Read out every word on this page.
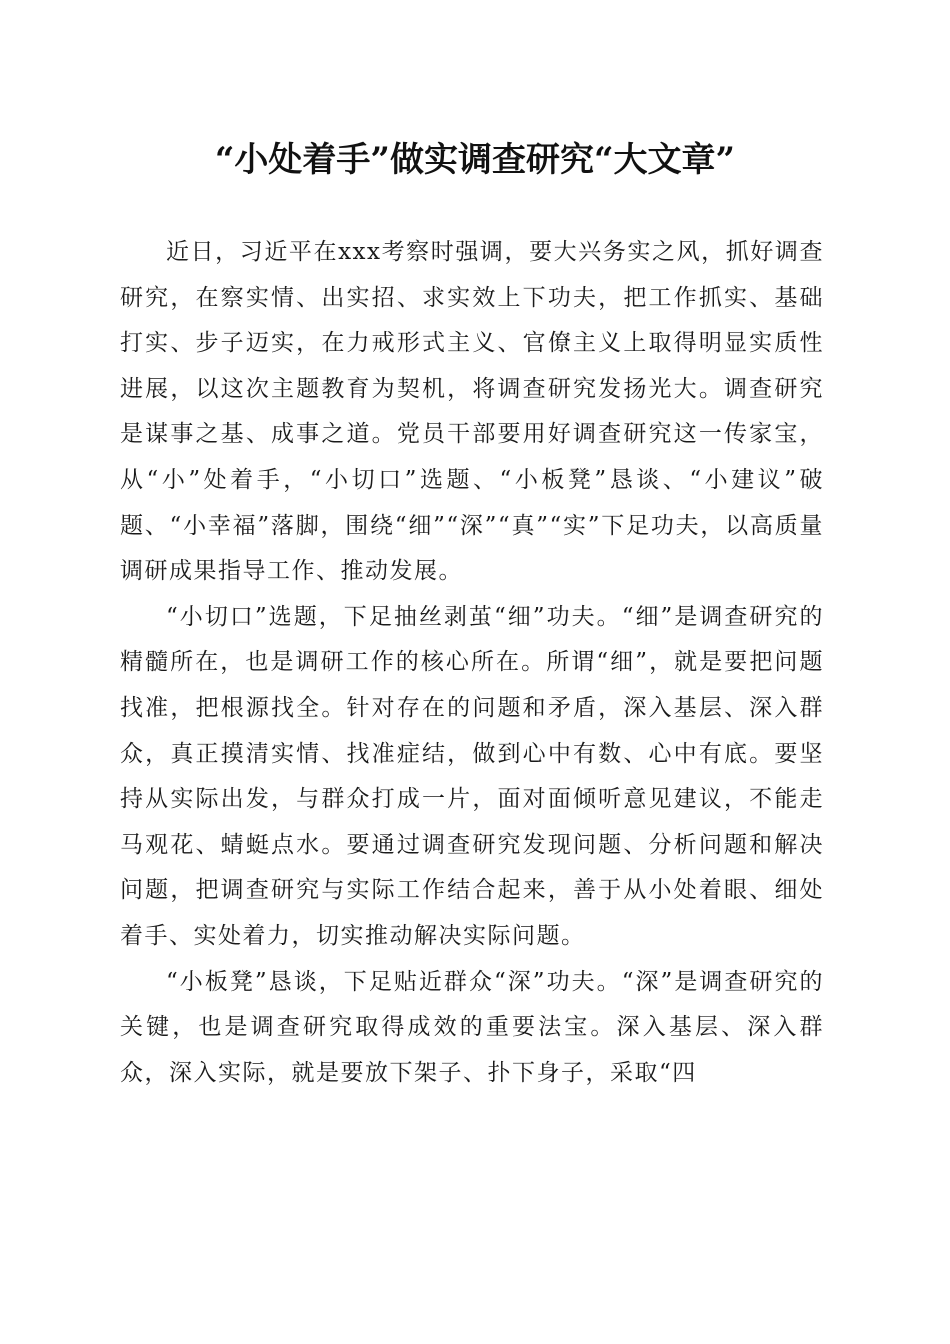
“小处着手”做实调查研究“大文章”

近日，习近平在xxx考察时强调，要大兴务实之风，抓好调查研究，在察实情、出实招、求实效上下功夫，把工作抓实、基础打实、步子迈实，在力戒形式主义、官僚主义上取得明显实质性进展，以这次主题教育为契机，将调查研究发扬光大。调查研究是谋事之基、成事之道。党员干部要用好调查研究这一传家宝，从“小”处着手，“小切口”选题、“小板凳”恳谈、“小建议”破题、“小幸福”落脚，围绕“细”“深”“真”“实”下足功夫，以高质量调研成果指导工作、推动发展。

“小切口”选题，下足抽丝剥茧“细”功夫。“细”是调查研究的精髓所在，也是调研工作的核心所在。所谓“细”，就是要把问题找准，把根源找全。针对存在的问题和矛盾，深入基层、深入群众，真正摸清实情、找准症结，做到心中有数、心中有底。要坚持从实际出发，与群众打成一片，面对面倾听意见建议，不能走马观花、蜻蜓点水。要通过调查研究发现问题、分析问题和解决问题，把调查研究与实际工作结合起来，善于从小处着眼、细处着手、实处着力，切实推动解决实际问题。

“小板凳”恳谈，下足贴近群众“深”功夫。“深”是调查研究的关键，也是调查研究取得成效的重要法宝。深入基层、深入群众，深入实际，就是要放下架子、扑下身子，采取“四
